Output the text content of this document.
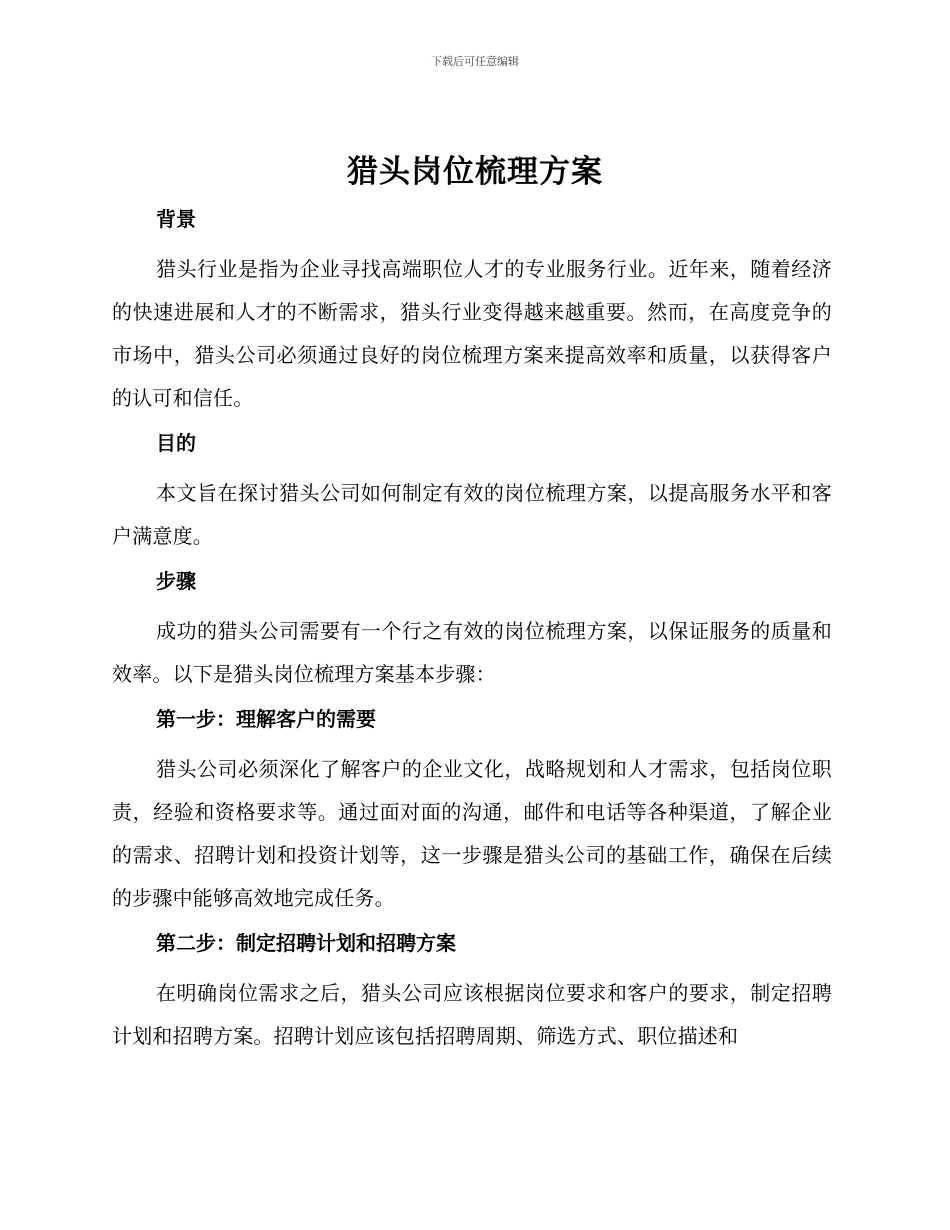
下载后可任意编辑
猎头岗位梳理方案
背景

猎头行业是指为企业寻找高端职位人才的专业服务行业。近年来，随着经济的快速进展和人才的不断需求，猎头行业变得越来越重要。然而，在高度竞争的市场中，猎头公司必须通过良好的岗位梳理方案来提高效率和质量，以获得客户的认可和信任。

目的

本文旨在探讨猎头公司如何制定有效的岗位梳理方案，以提高服务水平和客户满意度。

步骤

成功的猎头公司需要有一个行之有效的岗位梳理方案，以保证服务的质量和效率。以下是猎头岗位梳理方案基本步骤：

第一步：理解客户的需要

猎头公司必须深化了解客户的企业文化，战略规划和人才需求，包括岗位职责，经验和资格要求等。通过面对面的沟通，邮件和电话等各种渠道，了解企业的需求、招聘计划和投资计划等，这一步骤是猎头公司的基础工作，确保在后续的步骤中能够高效地完成任务。

第二步：制定招聘计划和招聘方案

在明确岗位需求之后，猎头公司应该根据岗位要求和客户的要求，制定招聘计划和招聘方案。招聘计划应该包括招聘周期、筛选方式、职位描述和
